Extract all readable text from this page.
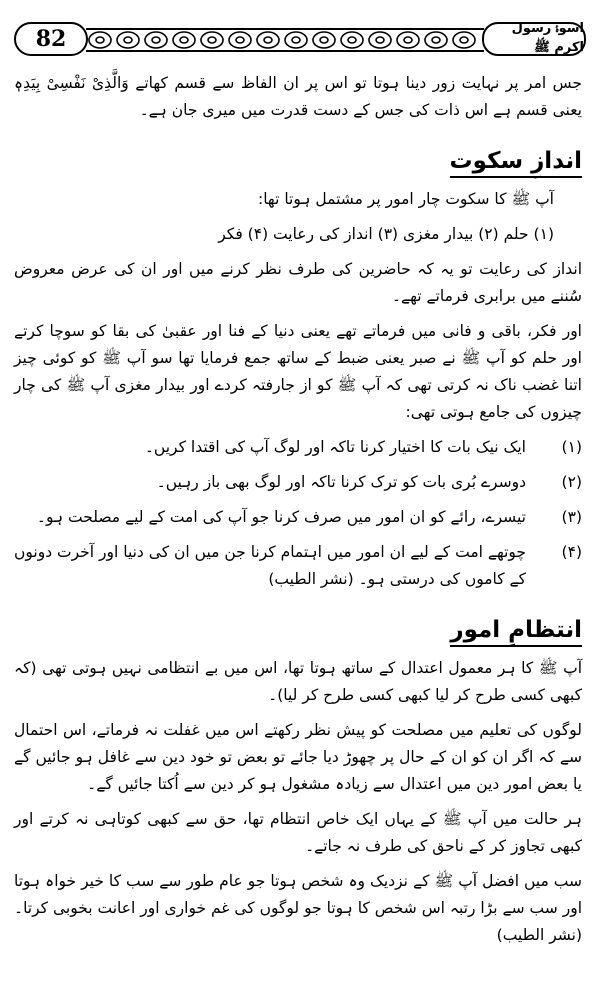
82	اسوۂ رسول اکرم ﷺ

جس امر پر نہایت زور دینا ہوتا تو اس پر ان الفاظ سے قسم کھاتے وَالَّذِیْ نَفْسِیْ بِیَدِہٖ یعنی قسم ہے اس ذات کی جس کے دست قدرت میں میری جان ہے۔

اندازِ سکوت

آپ ﷺ کا سکوت چار امور پر مشتمل ہوتا تھا:

(۱) حلم (۲) بیدار مغزی (۳) انداز کی رعایت (۴) فکر

انداز کی رعایت تو یہ کہ حاضرین کی طرف نظر کرنے میں اور ان کی عرض معروض سُننے میں برابری فرماتے تھے۔

اور فکر، باقی و فانی میں فرماتے تھے یعنی دنیا کے فنا اور عقبیٰ کی بقا کو سوچا کرتے اور حلم کو آپ ﷺ نے صبر یعنی ضبط کے ساتھ جمع فرمایا تھا سو آپ ﷺ کو کوئی چیز اتنا غضب ناک نہ کرتی تھی کہ آپ ﷺ کو از جارفتہ کردے اور بیدار مغزی آپ ﷺ کی چار چیزوں کی جامع ہوتی تھی:

(۱)
ایک نیک بات کا اختیار کرنا تاکہ اور لوگ آپ کی اقتدا کریں۔
(۲)
دوسرے بُری بات کو ترک کرنا تاکہ اور لوگ بھی باز رہیں۔
(۳)
تیسرے، رائے کو ان امور میں صرف کرنا جو آپ کی امت کے لیے مصلحت ہو۔
(۴)
چوتھے امت کے لیے ان امور میں اہتمام کرنا جن میں ان کی دنیا اور آخرت دونوں کے کاموں کی درستی ہو۔ (نشر الطیب)
انتظامِ امور

آپ ﷺ کا ہر معمول اعتدال کے ساتھ ہوتا تھا، اس میں بے انتظامی نہیں ہوتی تھی (کہ کبھی کسی طرح کر لیا کبھی کسی طرح کر لیا)۔

لوگوں کی تعلیم میں مصلحت کو پیش نظر رکھتے اس میں غفلت نہ فرماتے، اس احتمال سے کہ اگر ان کو ان کے حال پر چھوڑ دیا جائے تو بعض تو خود دین سے غافل ہو جائیں گے یا بعض امور دین میں اعتدال سے زیادہ مشغول ہو کر دین سے اُکتا جائیں گے۔

ہر حالت میں آپ ﷺ کے یہاں ایک خاص انتظام تھا، حق سے کبھی کوتاہی نہ کرتے اور کبھی تجاوز کر کے ناحق کی طرف نہ جاتے۔

سب میں افضل آپ ﷺ کے نزدیک وہ شخص ہوتا جو عام طور سے سب کا خیر خواہ ہوتا اور سب سے بڑا رتبہ اس شخص کا ہوتا جو لوگوں کی غم خواری اور اعانت بخوبی کرتا۔ (نشر الطیب)
